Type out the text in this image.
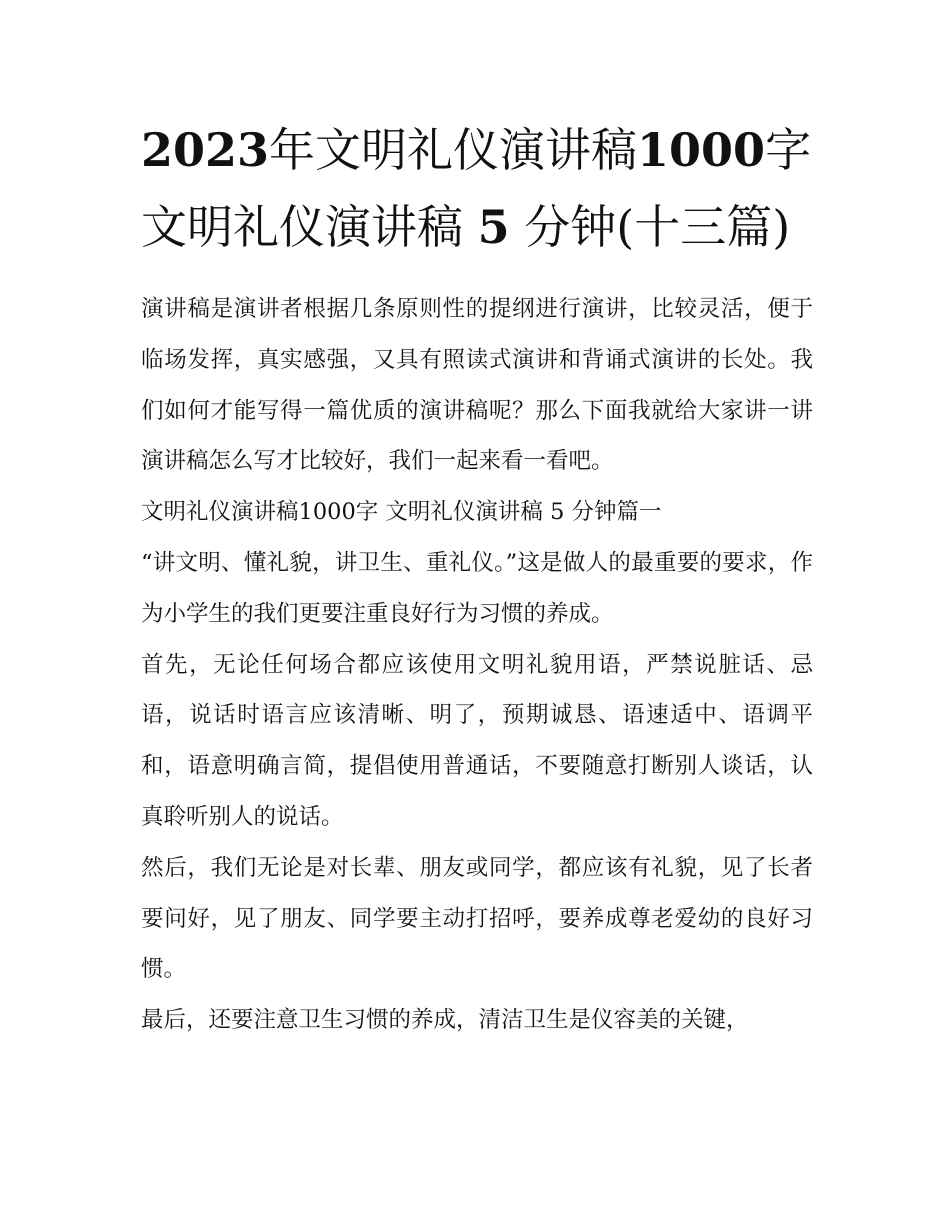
2023年文明礼仪演讲稿1000字 文明礼仪演讲稿 5 分钟(十三篇)

演讲稿是演讲者根据几条原则性的提纲进行演讲，比较灵活，便于临场发挥，真实感强，又具有照读式演讲和背诵式演讲的长处。我们如何才能写得一篇优质的演讲稿呢？那么下面我就给大家讲一讲演讲稿怎么写才比较好，我们一起来看一看吧。

文明礼仪演讲稿1000字 文明礼仪演讲稿 5 分钟篇一

“讲文明、懂礼貌，讲卫生、重礼仪。”这是做人的最重要的要求，作为小学生的我们更要注重良好行为习惯的养成。

首先，无论任何场合都应该使用文明礼貌用语，严禁说脏话、忌语，说话时语言应该清晰、明了，预期诚恳、语速适中、语调平和，语意明确言简，提倡使用普通话，不要随意打断别人谈话，认真聆听别人的说话。

然后，我们无论是对长辈、朋友或同学，都应该有礼貌，见了长者要问好，见了朋友、同学要主动打招呼，要养成尊老爱幼的良好习惯。

最后，还要注意卫生习惯的养成，清洁卫生是仪容美的关键，
